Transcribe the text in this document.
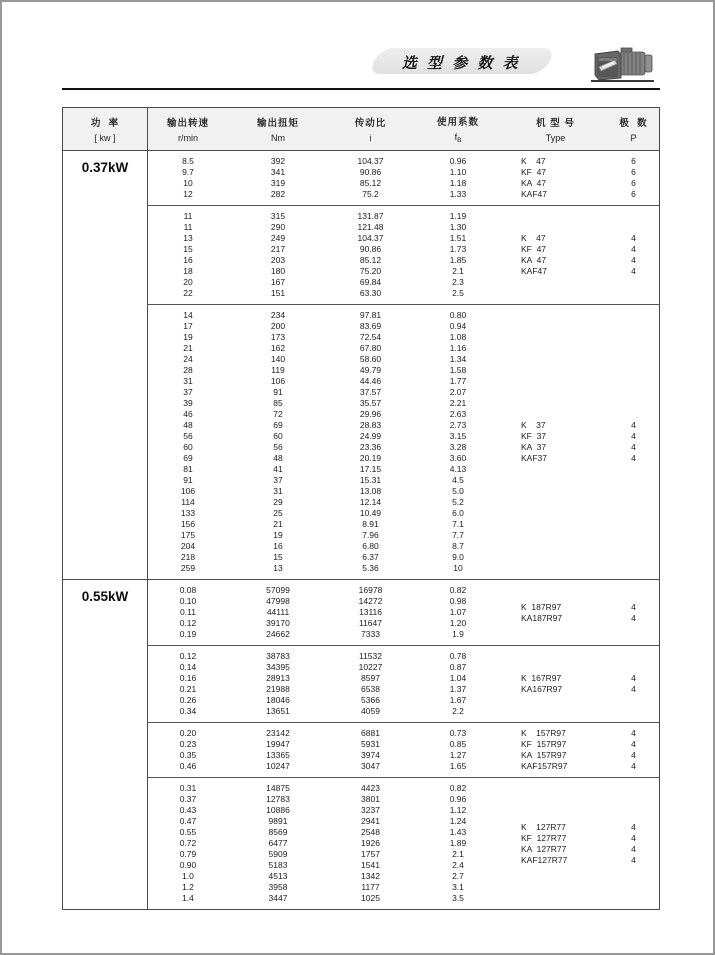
选 型 参 数 表
功  率
[ kw ]
输出转速
r/min
输出扭矩
Nm
传动比
i
使用系数
$f_B$
机 型 号
Type
极  数
P
0.37kW	8.5
9.7
10
12
392
341
319
282
104.37
90.86
85.12
75.2
0.96
1.10
1.18
1.33
K    47
KF  47
KA  47
KAF47
6
6
6
6
11
11
13
15
16
18
20
22
315
290
249
217
203
180
167
151
131.87
121.48
104.37
90.86
85.12
75.20
69.84
63.30
1.19
1.30
1.51
1.73
1.85
2.1
2.3
2.5
K    47
KF  47
KA  47
KAF47
4
4
4
4
14
17
19
21
24
28
31
37
39
46
48
56
60
69
81
91
106
114
133
156
175
204
218
259
234
200
173
162
140
119
106
91
85
72
69
60
56
48
41
37
31
29
25
21
19
16
15
13
97.81
83.69
72.54
67.80
58.60
49.79
44.46
37.57
35.57
29.96
28.83
24.99
23.36
20.19
17.15
15.31
13.08
12.14
10.49
8.91
7.96
6.80
6.37
5.36
0.80
0.94
1.08
1.16
1.34
1.58
1.77
2.07
2.21
2.63
2.73
3.15
3.28
3.60
4.13
4.5
5.0
5.2
6.0
7.1
7.7
8.7
9.0
10
K    37
KF  37
KA  37
KAF37
4
4
4
4
0.55kW	0.08
0.10
0.11
0.12
0.19
57099
47998
44111
39170
24662
16978
14272
13116
11647
7333
0.82
0.98
1.07
1.20
1.9
K  187R97
KA187R97
4
4
0.12
0.14
0.16
0.21
0.26
0.34
38783
34395
28913
21988
18046
13651
11532
10227
8597
6538
5366
4059
0.78
0.87
1.04
1.37
1.67
2.2
K  167R97
KA167R97
4
4
0.20
0.23
0.35
0.46
23142
19947
13365
10247
6881
5931
3974
3047
0.73
0.85
1.27
1.65
K    157R97
KF  157R97
KA  157R97
KAF157R97
4
4
4
4
0.31
0.37
0.43
0.47
0.55
0.72
0.79
0.90
1.0
1.2
1.4
14875
12783
10886
9891
8569
6477
5909
5183
4513
3958
3447
4423
3801
3237
2941
2548
1926
1757
1541
1342
1177
1025
0.82
0.96
1.12
1.24
1.43
1.89
2.1
2.4
2.7
3.1
3.5
K    127R77
KF  127R77
KA  127R77
KAF127R77
4
4
4
4
